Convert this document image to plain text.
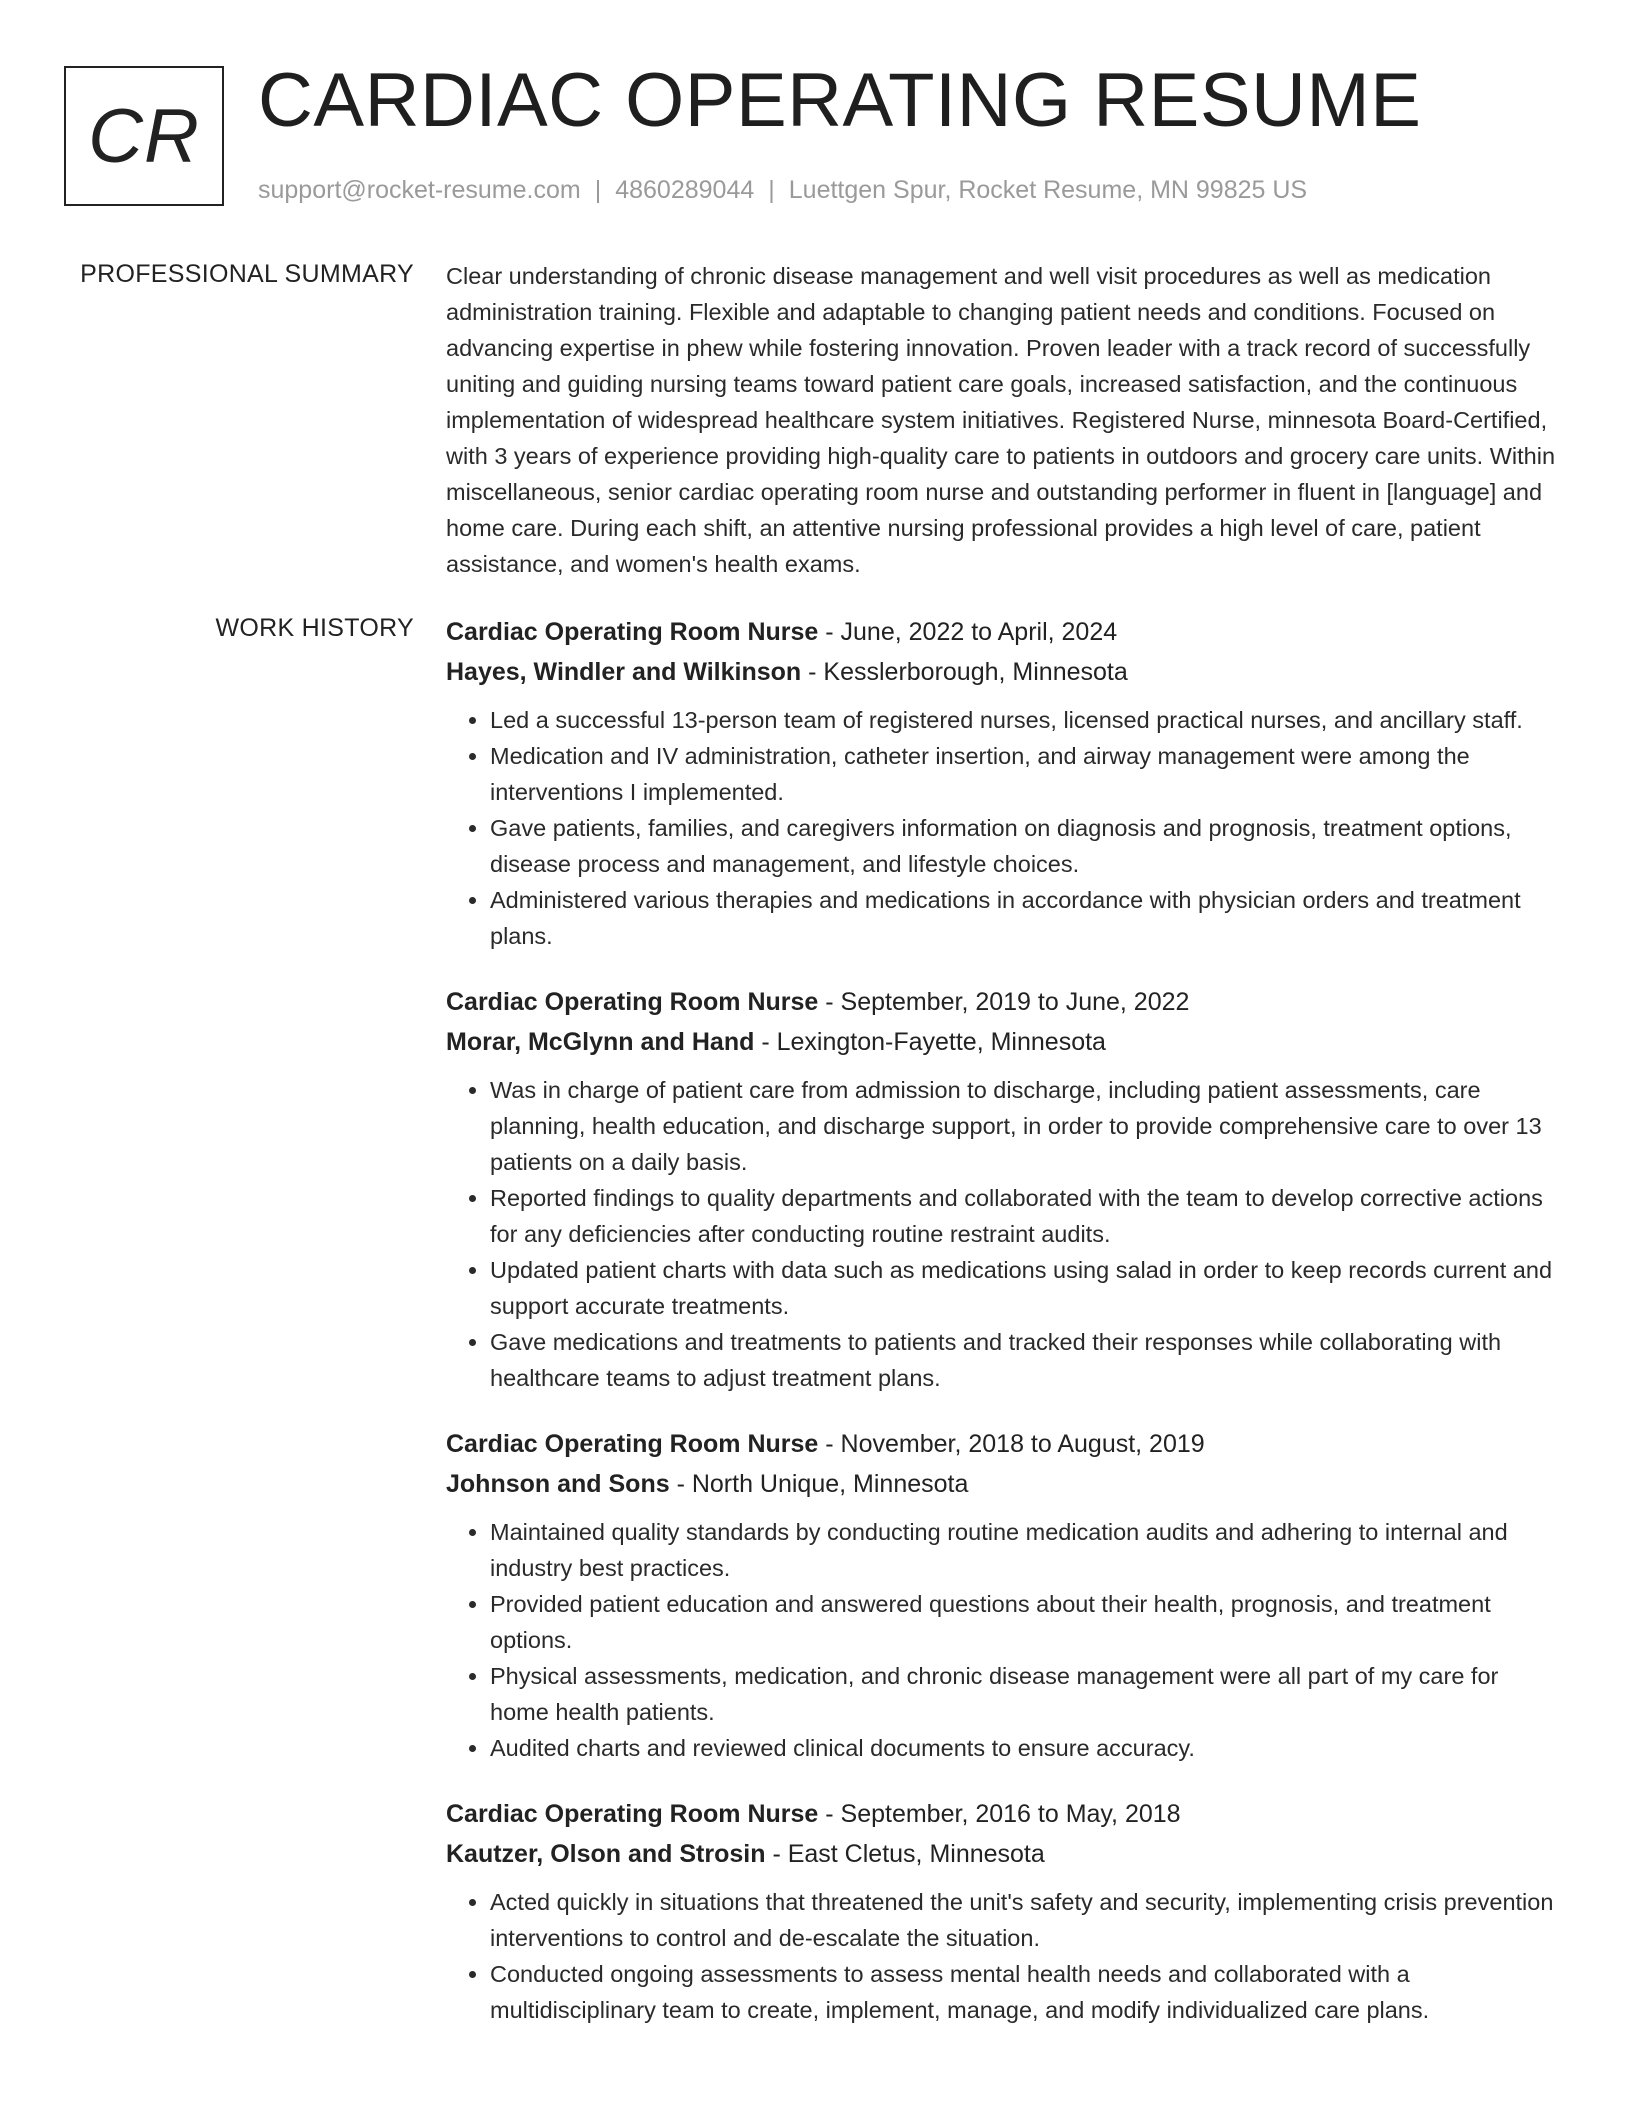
CR CARDIAC OPERATING RESUME
support@rocket-resume.com | 4860289044 | Luettgen Spur, Rocket Resume, MN 99825 US
PROFESSIONAL SUMMARY Clear understanding of chronic disease management and well visit procedures as well as medication administration training. Flexible and adaptable to changing patient needs and conditions. Focused on advancing expertise in phew while fostering innovation. Proven leader with a track record of successfully uniting and guiding nursing teams toward patient care goals, increased satisfaction, and the continuous implementation of widespread healthcare system initiatives. Registered Nurse, minnesota Board-Certified, with 3 years of experience providing high-quality care to patients in outdoors and grocery care units. Within miscellaneous, senior cardiac operating room nurse and outstanding performer in fluent in [language] and home care. During each shift, an attentive nursing professional provides a high level of care, patient assistance, and women's health exams.

WORK HISTORY Cardiac Operating Room Nurse - June, 2022 to April, 2024
Hayes, Windler and Wilkinson - Kesslerborough, Minnesota
• Led a successful 13-person team of registered nurses, licensed practical nurses, and ancillary staff.
• Medication and IV administration, catheter insertion, and airway management were among the interventions I implemented.
• Gave patients, families, and caregivers information on diagnosis and prognosis, treatment options, disease process and management, and lifestyle choices.
• Administered various therapies and medications in accordance with physician orders and treatment plans.
Cardiac Operating Room Nurse - September, 2019 to June, 2022
Morar, McGlynn and Hand - Lexington-Fayette, Minnesota
• Was in charge of patient care from admission to discharge, including patient assessments, care planning, health education, and discharge support, in order to provide comprehensive care to over 13 patients on a daily basis.
• Reported findings to quality departments and collaborated with the team to develop corrective actions for any deficiencies after conducting routine restraint audits.
• Updated patient charts with data such as medications using salad in order to keep records current and support accurate treatments.
• Gave medications and treatments to patients and tracked their responses while collaborating with healthcare teams to adjust treatment plans.
Cardiac Operating Room Nurse - November, 2018 to August, 2019
Johnson and Sons - North Unique, Minnesota
• Maintained quality standards by conducting routine medication audits and adhering to internal and industry best practices.
• Provided patient education and answered questions about their health, prognosis, and treatment options.
• Physical assessments, medication, and chronic disease management were all part of my care for home health patients.
• Audited charts and reviewed clinical documents to ensure accuracy.
Cardiac Operating Room Nurse - September, 2016 to May, 2018
Kautzer, Olson and Strosin - East Cletus, Minnesota
• Acted quickly in situations that threatened the unit's safety and security, implementing crisis prevention interventions to control and de-escalate the situation.
• Conducted ongoing assessments to assess mental health needs and collaborated with a multidisciplinary team to create, implement, manage, and modify individualized care plans.
